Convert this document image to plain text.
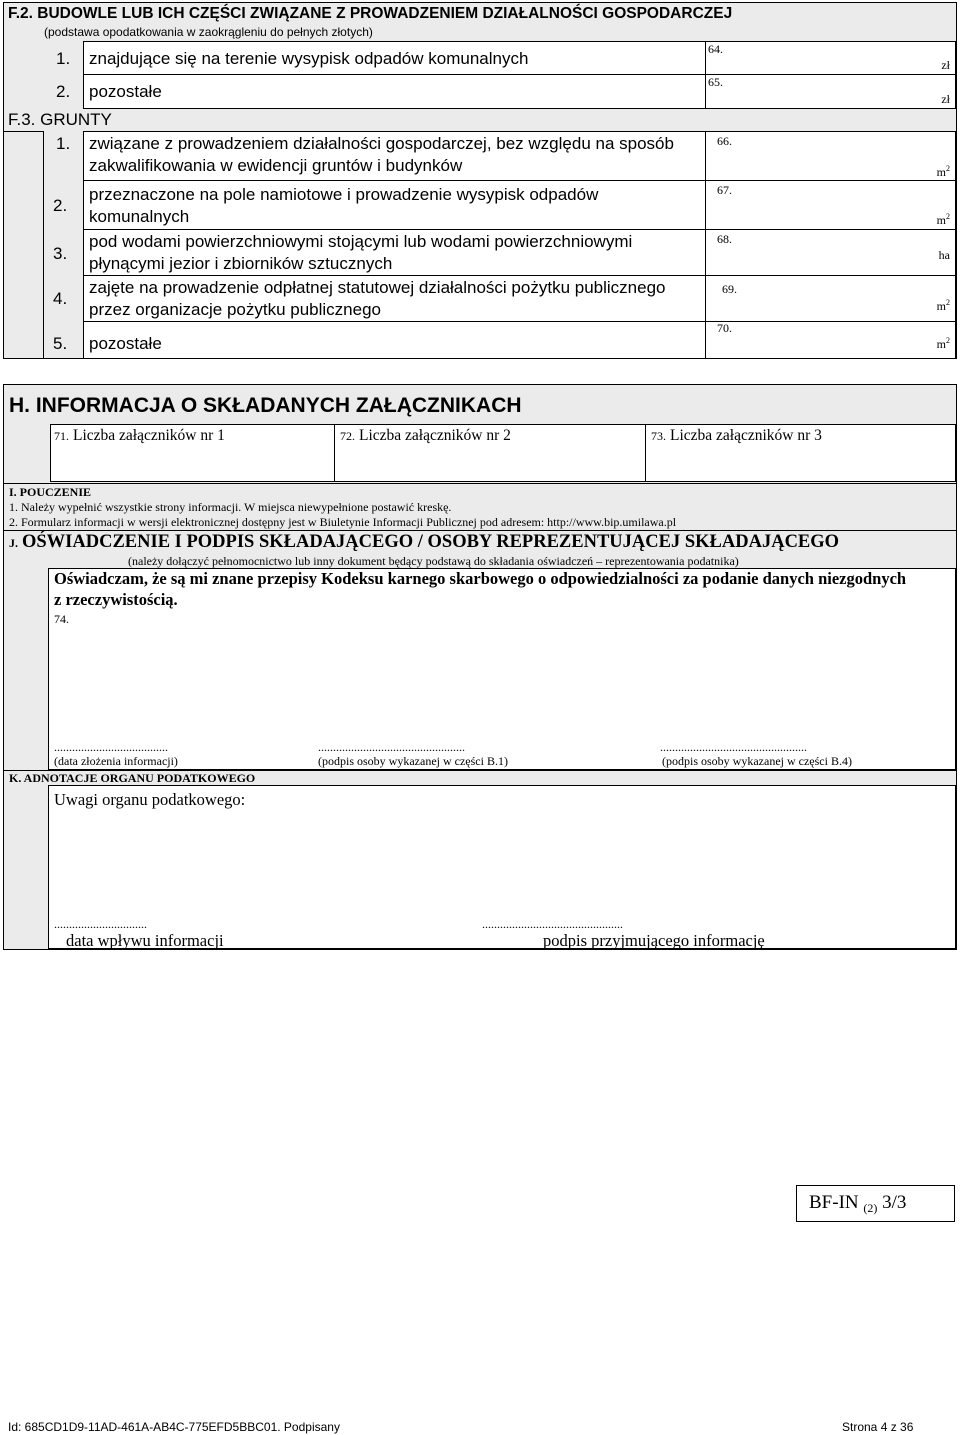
F.2. BUDOWLE LUB ICH CZĘŚCI ZWIĄZANE Z PROWADZENIEM DZIAŁALNOŚCI GOSPODARCZEJ
(podstawa opodatkowania w zaokrągleniu do pełnych złotych)
1. znajdujące się na terenie wysypisk odpadów komunalnych	64.
zł
2. pozostałe	65.
zł
F.3. GRUNTY
1. związane z prowadzeniem działalności gospodarczej, bez względu na sposób
zakwalifikowania w ewidencji gruntów i budynków
66.
$m^2$
2.
przeznaczone na pole namiotowe i prowadzenie wysypisk odpadów
komunalnych
67.
$m^2$
3.
pod wodami powierzchniowymi stojącymi lub wodami powierzchniowymi
płynącymi jezior i zbiorników sztucznych
68.
ha
4.
zajęte na prowadzenie odpłatnej statutowej działalności pożytku publicznego
przez organizacje pożytku publicznego
69.
$m^2$
5. pozostałe
70.
$m^2$
H. INFORMACJA O SKŁADANYCH ZAŁĄCZNIKACH
71. Liczba załączników nr 1	72. Liczba załączników nr 2	73. Liczba załączników nr 3
I. POUCZENIE
1. Należy wypełnić wszystkie strony informacji. W miejsca niewypełnione postawić kreskę.
2. Formularz informacji w wersji elektronicznej dostępny jest w Biuletynie Informacji Publicznej pod adresem: http://www.bip.umilawa.pl
J. OŚWIADCZENIE I PODPIS SKŁADAJĄCEGO / OSOBY REPREZENTUJĄCEJ SKŁADAJĄCEGO
(należy dołączyć pełnomocnictwo lub inny dokument będący podstawą do składania oświadczeń – reprezentowania podatnika)
Oświadczam, że są mi znane przepisy Kodeksu karnego skarbowego o odpowiedzialności za podanie danych niezgodnych
z rzeczywistością.
74.
......................................	.................................................	.................................................
(data złożenia informacji)	(podpis osoby wykazanej w części B.1)	(podpis osoby wykazanej w części B.4)
K. ADNOTACJE ORGANU PODATKOWEGO
Uwagi organu podatkowego:
...............................	...............................................
data wpływu informacji	podpis przyjmującego informację
BF-IN $_{(2)}$ 3/3
Id: 685CD1D9-11AD-461A-AB4C-775EFD5BBC01. Podpisany	Strona 4 z 36
